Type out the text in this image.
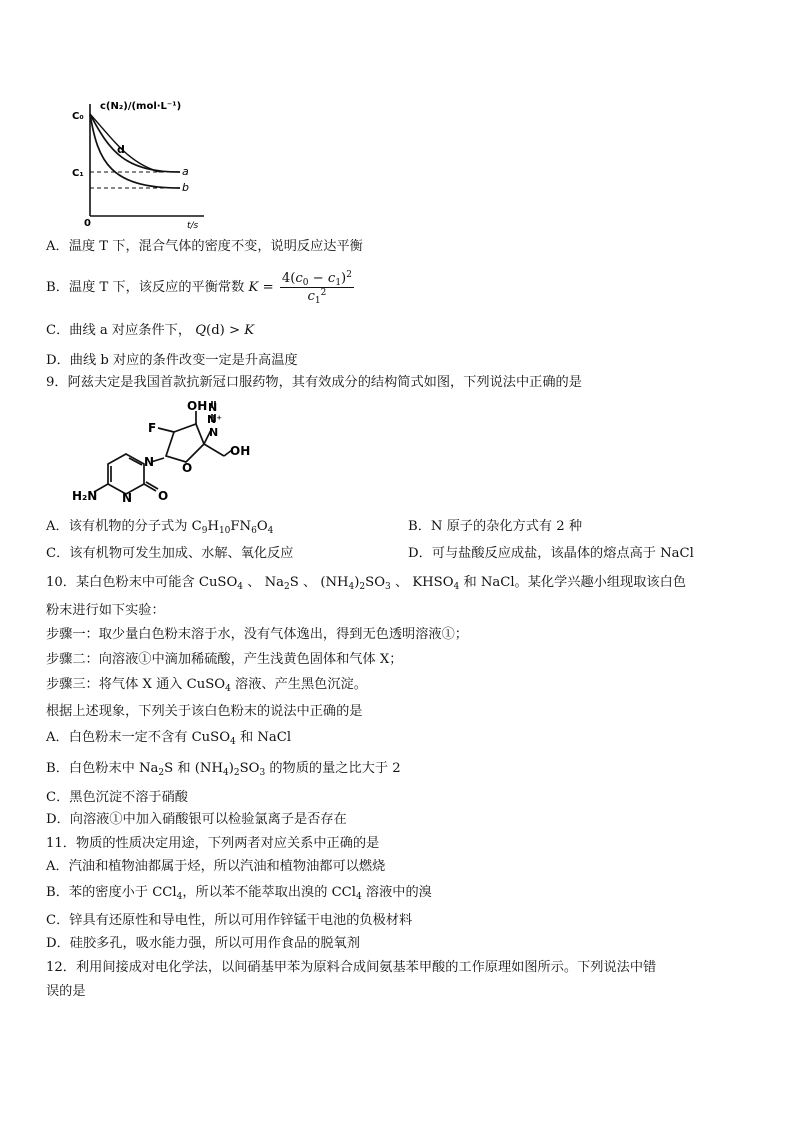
c(N₂)/(mol·L⁻¹)
C₀
C₁
d
a
b
0	t/s
A．温度 T 下，混合气体的密度不变，说明反应达平衡
B．温度 T 下，该反应的平衡常数 $K = \frac{4(c_0 - c_1)^2}{c_1^2}$
C．曲线 a 对应条件下， Q(d) > K
D．曲线 b 对应的条件改变一定是升高温度
9．阿兹夫定是我国首款抗新冠口服药物，其有效成分的结构简式如图，下列说法中正确的是
F
OH N
N⁺
N
O
OH
N
N O
H₂N
A．该有机物的分子式为 $C_9H_{10}FN_6O_4$	B．N 原子的杂化方式有 2 种
C．该有机物可发生加成、水解、氧化反应	D．可与盐酸反应成盐，该晶体的熔点高于 NaCl
10．某白色粉末中可能含 CuSO$_4$ 、 $Na_2S$ 、 $(NH_4)_2SO_3$ 、 $KHSO_4$ 和 NaCl。某化学兴趣小组现取该白色
粉末进行如下实验：
步骤一：取少量白色粉末溶于水，没有气体逸出，得到无色透明溶液①；
步骤二：向溶液①中滴加稀硫酸，产生浅黄色固体和气体 X；
步骤三：将气体 X 通入 CuSO$_4$ 溶液、产生黑色沉淀。
根据上述现象，下列关于该白色粉末的说法中正确的是
A．白色粉末一定不含有 CuSO$_4$ 和 NaCl
B．白色粉末中 $Na_2S$ 和 $(NH_4)_2SO_3$ 的物质的量之比大于 2
C．黑色沉淀不溶于硝酸
D．向溶液①中加入硝酸银可以检验氯离子是否存在
11．物质的性质决定用途，下列两者对应关系中正确的是
A．汽油和植物油都属于烃，所以汽油和植物油都可以燃烧
B．苯的密度小于 CCl$_4$，所以苯不能萃取出溴的 CCl$_4$ 溶液中的溴
C．锌具有还原性和导电性，所以可用作锌锰干电池的负极材料
D．硅胶多孔，吸水能力强，所以可用作食品的脱氧剂
12．利用间接成对电化学法，以间硝基甲苯为原料合成间氨基苯甲酸的工作原理如图所示。下列说法中错
误的是
